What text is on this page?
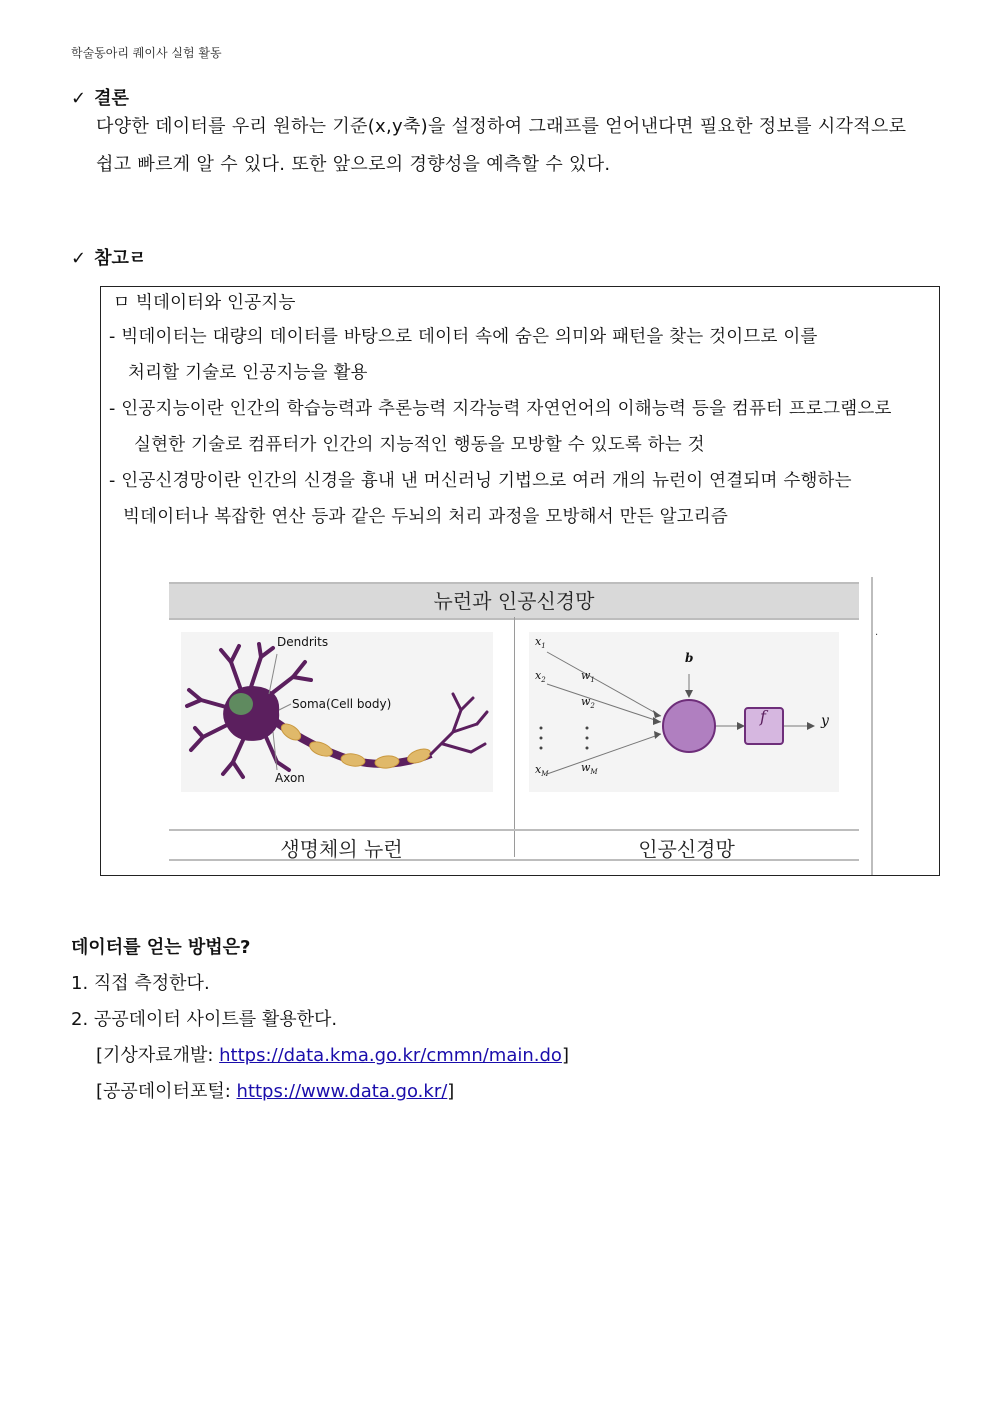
학술동아리 퀘이사 실험 활동
✓ 결론
다양한 데이터를 우리 원하는 기준(x,y축)을 설정하여 그래프를 얻어낸다면 필요한 정보를 시각적으로
쉽고 빠르게 알 수 있다. 또한 앞으로의 경향성을 예측할 수 있다.
✓ 참고ㄹ
ㅁ 빅데이터와 인공지능
- 빅데이터는 대량의 데이터를 바탕으로 데이터 속에 숨은 의미와 패턴을 찾는 것이므로 이를
처리할 기술로 인공지능을 활용
- 인공지능이란 인간의 학습능력과 추론능력 지각능력 자연언어의 이해능력 등을 컴퓨터 프로그램으로
실현한 기술로 컴퓨터가 인간의 지능적인 행동을 모방할 수 있도록 하는 것
- 인공신경망이란 인간의 신경을 흉내 낸 머신러닝 기법으로 여러 개의 뉴런이 연결되며 수행하는
빅데이터나 복잡한 연산 등과 같은 두뇌의 처리 과정을 모방해서 만든 알고리즘
뉴런과 인공신경망
Dendrits
Soma(Cell body)
Axon
$x_1$
$x_2$
$x_M$
$w_1$
$w_2$
$w_M$
b
f	y
생명체의 뉴런	인공신경망
.
데이터를 얻는 방법은?
1. 직접 측정한다.
2. 공공데이터 사이트를 활용한다.
[기상자료개발: https://data.kma.go.kr/cmmn/main.do]
[공공데이터포털: https://www.data.go.kr/]
